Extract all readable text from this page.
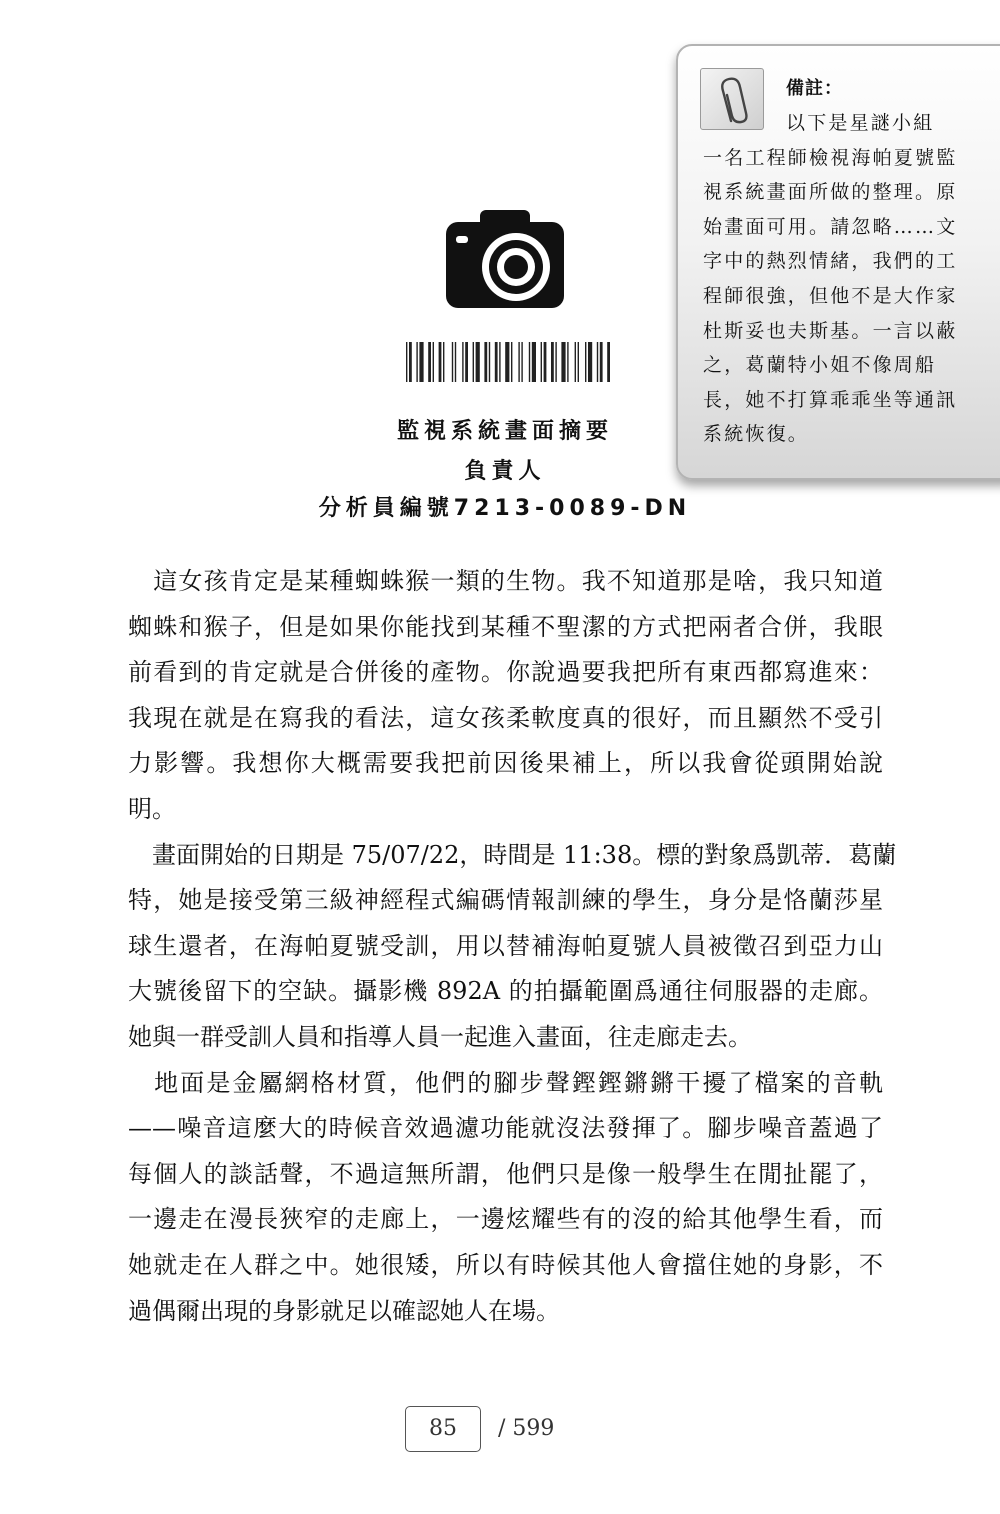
備註：
以下是星謎小組
一名工程師檢視海帕夏號監
視系統畫面所做的整理。原
始畫面可用。請忽略……文
字中的熱烈情緒，我們的工
程師很強，但他不是大作家
杜斯妥也夫斯基。一言以蔽
之，葛蘭特小姐不像周船
長，她不打算乖乖坐等通訊
系統恢復。
監視系統畫面摘要
負責人
分析員編號7213-0089-DN
　這女孩肯定是某種蜘蛛猴一類的生物。我不知道那是啥，我只知道
蜘蛛和猴子，但是如果你能找到某種不聖潔的方式把兩者合併，我眼
前看到的肯定就是合併後的產物。你說過要我把所有東西都寫進來：
我現在就是在寫我的看法，這女孩柔軟度真的很好，而且顯然不受引
力影響。我想你大概需要我把前因後果補上，所以我會從頭開始說
明。
　畫面開始的日期是 75/07/22，時間是 11:38。標的對象爲凱蒂．葛蘭
特，她是接受第三級神經程式編碼情報訓練的學生，身分是恪蘭莎星
球生還者，在海帕夏號受訓，用以替補海帕夏號人員被徵召到亞力山
大號後留下的空缺。攝影機 892A 的拍攝範圍爲通往伺服器的走廊。
她與一群受訓人員和指導人員一起進入畫面，往走廊走去。
　地面是金屬網格材質，他們的腳步聲鏗鏗鏘鏘干擾了檔案的音軌
——噪音這麼大的時候音效過濾功能就沒法發揮了。腳步噪音蓋過了
每個人的談話聲，不過這無所謂，他們只是像一般學生在閒扯罷了，
一邊走在漫長狹窄的走廊上，一邊炫耀些有的沒的給其他學生看，而
她就走在人群之中。她很矮，所以有時候其他人會擋住她的身影，不
過偶爾出現的身影就足以確認她人在場。
85	/ 599
